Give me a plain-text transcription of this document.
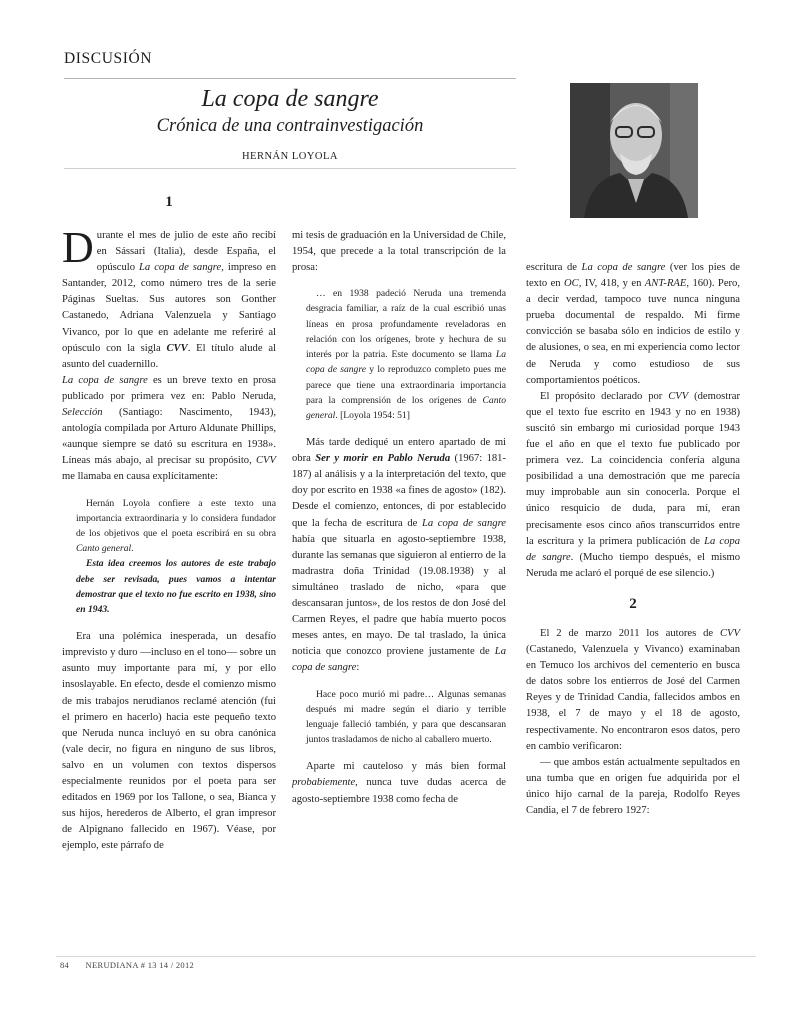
DISCUSIÓN
La copa de sangre
Crónica de una contrainvestigación
HERNÁN LOYOLA
1

Durante el mes de julio de este año recibí en Sássari (Italia), desde España, el opúsculo La copa de sangre, impreso en Santander, 2012, como número tres de la serie Páginas Sueltas. Sus autores son Gonther Castanedo, Adriana Valenzuela y Santiago Vivanco, por lo que en adelante me referiré al opúsculo con la sigla CVV. El título alude al asunto del cuadernillo.

La copa de sangre es un breve texto en prosa publicado por primera vez en: Pablo Neruda, Selección (Santiago: Nascimento, 1943), antología compilada por Arturo Aldunate Phillips, «aunque siempre se dató su escritura en 1938». Líneas más abajo, al precisar su propósito, CVV me llamaba en causa explícitamente:

Hernán Loyola confiere a este texto una importancia extraordinaria y lo considera fundador de los objetivos que el poeta escribirá en su obra Canto general.

Esta idea creemos los autores de este trabajo debe ser revisada, pues vamos a intentar demostrar que el texto no fue escrito en 1938, sino en 1943.

Era una polémica inesperada, un desafío imprevisto y duro —incluso en el tono— sobre un asunto muy importante para mí, y por ello insoslayable. En efecto, desde el comienzo mismo de mis trabajos nerudianos reclamé atención (fui el primero en hacerlo) hacia este pequeño texto que Neruda nunca incluyó en su obra canónica (vale decir, no figura en ninguno de sus libros, salvo en un volumen con textos dispersos especialmente reunidos por el poeta para ser editados en 1969 por los Tallone, o sea, Bianca y sus hijos, herederos de Alberto, el gran impresor de Alpignano fallecido en 1967). Véase, por ejemplo, este párrafo de

mi tesis de graduación en la Universidad de Chile, 1954, que precede a la total transcripción de la prosa:

… en 1938 padeció Neruda una tremenda desgracia familiar, a raíz de la cual escribió unas líneas en prosa profundamente reveladoras en relación con los orígenes, brote y hechura de su interés por la patria. Este documento se llama La copa de sangre y lo reproduzco completo pues me parece que tiene una extraordinaria importancia para la comprensión de los orígenes de Canto general. [Loyola 1954: 51]

Más tarde dediqué un entero apartado de mi obra Ser y morir en Pablo Neruda (1967: 181-187) al análisis y a la interpretación del texto, que doy por escrito en 1938 «a fines de agosto» (182). Desde el comienzo, entonces, di por establecido que la fecha de escritura de La copa de sangre había que situarla en agosto-septiembre 1938, durante las semanas que siguieron al entierro de la madrastra doña Trinidad (19.08.1938) y al simultáneo traslado de nicho, «para que descansaran juntos», de los restos de don José del Carmen Reyes, el padre que había muerto pocos meses antes, en mayo. De tal traslado, la única noticia que conozco proviene justamente de La copa de sangre:

Hace poco murió mi padre… Algunas semanas después mi madre según el diario y terrible lenguaje falleció también, y para que descansaran juntos trasladamos de nicho al caballero muerto.

Aparte mi cauteloso y más bien formal probabiemente, nunca tuve dudas acerca de agosto-septiembre 1938 como fecha de

escritura de La copa de sangre (ver los pies de texto en OC, IV, 418, y en ANT-RAE, 160). Pero, a decir verdad, tampoco tuve nunca ninguna prueba documental de respaldo. Mi firme convicción se basaba sólo en indicios de estilo y de alusiones, o sea, en mi experiencia como lector de Neruda y como estudioso de sus comportamientos poéticos.

El propósito declarado por CVV (demostrar que el texto fue escrito en 1943 y no en 1938) suscitó sin embargo mi curiosidad porque 1943 fue el año en que el texto fue publicado por primera vez. La coincidencia confería alguna posibilidad a una demostración que me parecía muy improbable aun sin conocerla. Porque el único resquicio de duda, para mí, eran precisamente esos cinco años transcurridos entre la escritura y la primera publicación de La copa de sangre. (Mucho tiempo después, el mismo Neruda me aclaró el porqué de ese silencio.)

2

El 2 de marzo 2011 los autores de CVV (Castanedo, Valenzuela y Vivanco) examinaban en Temuco los archivos del cementerio en busca de datos sobre los entierros de José del Carmen Reyes y de Trinidad Candia, fallecidos ambos en 1938, el 7 de mayo y el 18 de agosto, respectivamente. No encontraron esos datos, pero en cambio verificaron:

— que ambos están actualmente sepultados en una tumba que en origen fue adquirida por el único hijo carnal de la pareja, Rodolfo Reyes Candia, el 7 de febrero 1927:

84 NERUDIANA # 13 14 / 2012
